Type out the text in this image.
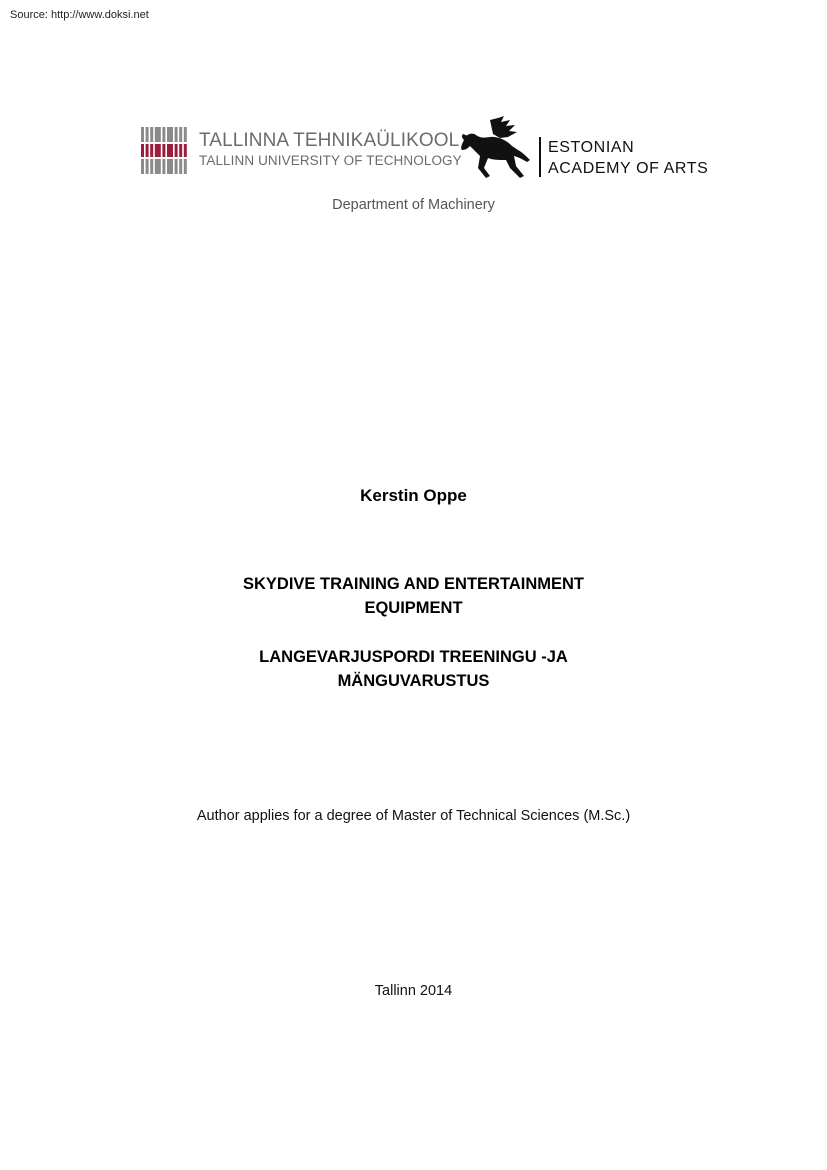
Source: http://www.doksi.net
TALLINNA TEHNIKAÜLIKOOL
TALLINN UNIVERSITY OF TECHNOLOGY
ESTONIAN
ACADEMY OF ARTS
Department of Machinery
Kerstin Oppe
SKYDIVE TRAINING AND ENTERTAINMENT
EQUIPMENT
LANGEVARJUSPORDI TREENINGU -JA
MÄNGUVARUSTUS
Author applies for a degree of Master of Technical Sciences (M.Sc.)
Tallinn 2014
